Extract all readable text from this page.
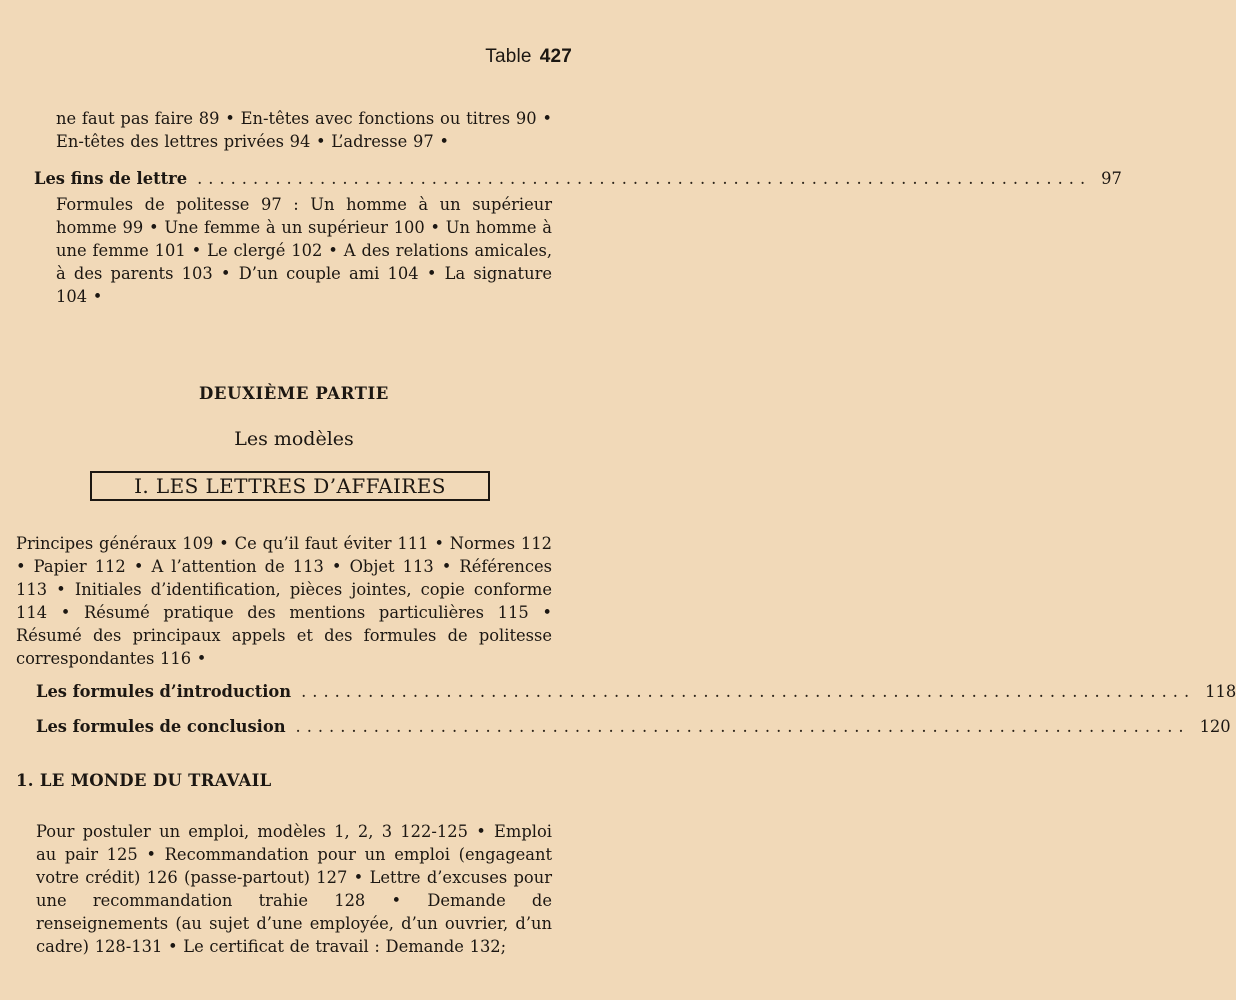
Table 427
ne faut pas faire 89 • En-têtes avec fonctions ou titres 90 • En-têtes des lettres privées 94 • L’adresse 97 •
Les fins de lettre ................................................................................ 97
Formules de politesse 97 : Un homme à un supérieur homme 99 • Une femme à un supérieur 100 • Un homme à une femme 101 • Le clergé 102 • A des relations amicales, à des parents 103 • D’un couple ami 104 • La signature 104 •
DEUXIÈME PARTIE
Les modèles
I. LES LETTRES D’AFFAIRES
Principes généraux 109 • Ce qu’il faut éviter 111 • Normes 112 • Papier 112 • A l’attention de 113 • Objet 113 • Références 113 • Initiales d’identification, pièces jointes, copie conforme 114 • Résumé pratique des mentions particulières 115 • Résumé des principaux appels et des formules de politesse correspondantes 116 •
Les formules d’introduction ................................................................................ 118
Les formules de conclusion ................................................................................ 120
1. LE MONDE DU TRAVAIL
Pour postuler un emploi, modèles 1, 2, 3 122-125 • Emploi au pair 125 • Recommandation pour un emploi (engageant votre crédit) 126 (passe-partout) 127 • Lettre d’excuses pour une recommandation trahie 128 • Demande de renseignements (au sujet d’une employée, d’un ouvrier, d’un cadre) 128-131 • Le certificat de travail : Demande 132;
